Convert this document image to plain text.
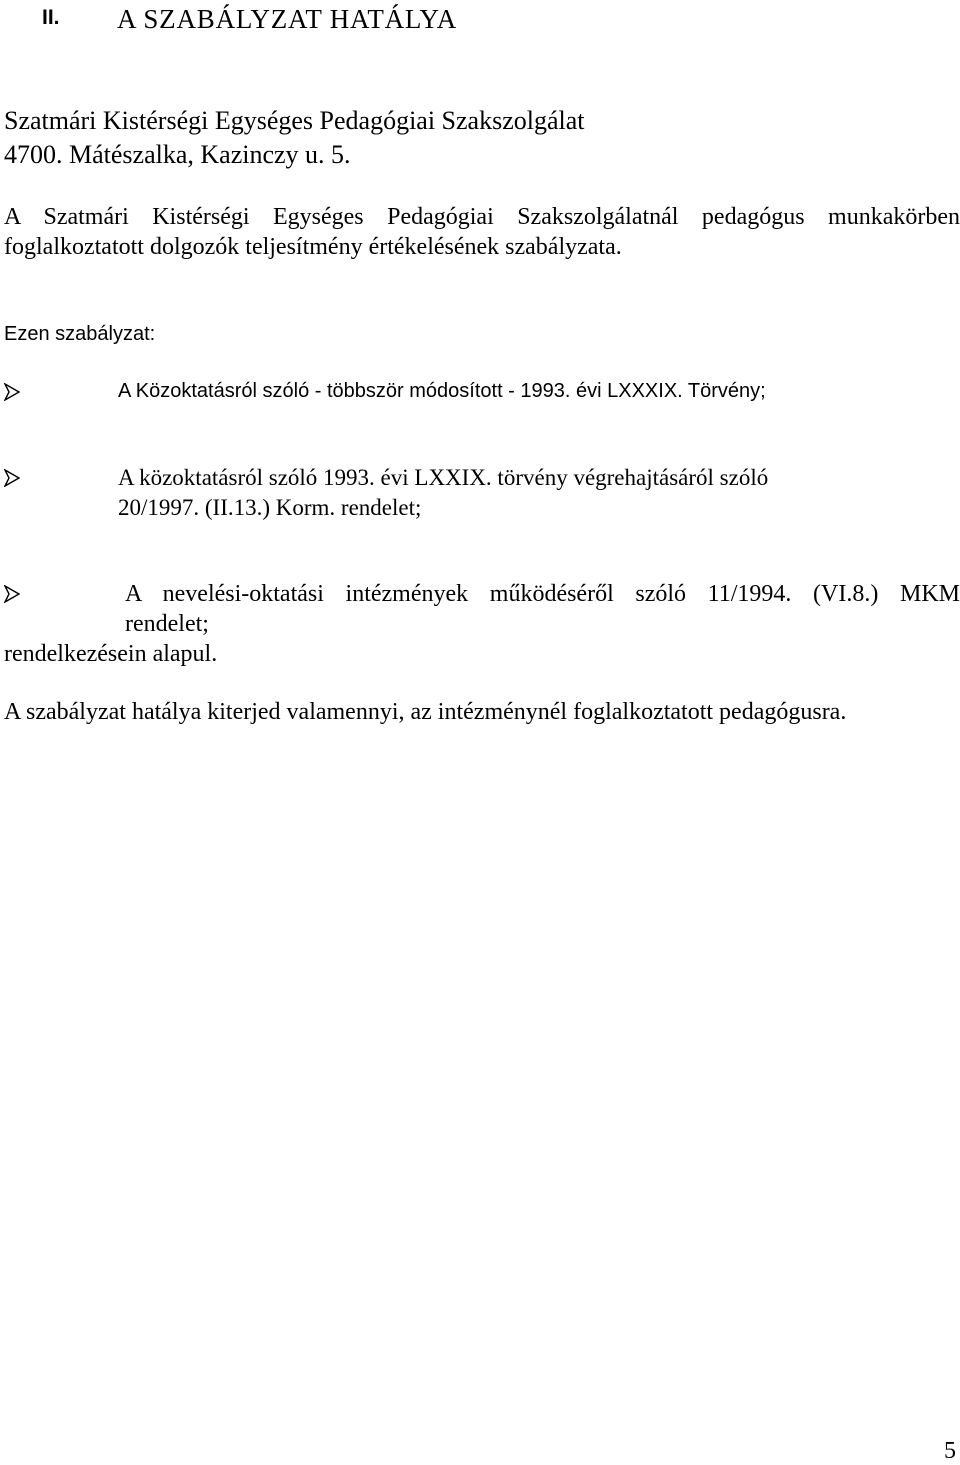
II. A SZABÁLYZAT HATÁLYA
Szatmári Kistérségi Egységes Pedagógiai Szakszolgálat
4700. Mátészalka, Kazinczy u. 5.
A Szatmári Kistérségi Egységes Pedagógiai Szakszolgálatnál pedagógus munkakörben
foglalkoztatott dolgozók teljesítmény értékelésének szabályzata.
Ezen szabályzat:
A Közoktatásról szóló - többször módosított - 1993. évi LXXXIX. Törvény;
A közoktatásról szóló 1993. évi LXXIX. törvény végrehajtásáról szóló
20/1997. (II.13.) Korm. rendelet;
A nevelési-oktatási intézmények működéséről szóló 11/1994. (VI.8.) MKM
rendelet;
rendelkezésein alapul.
A szabályzat hatálya kiterjed valamennyi, az intézménynél foglalkoztatott pedagógusra.
5
